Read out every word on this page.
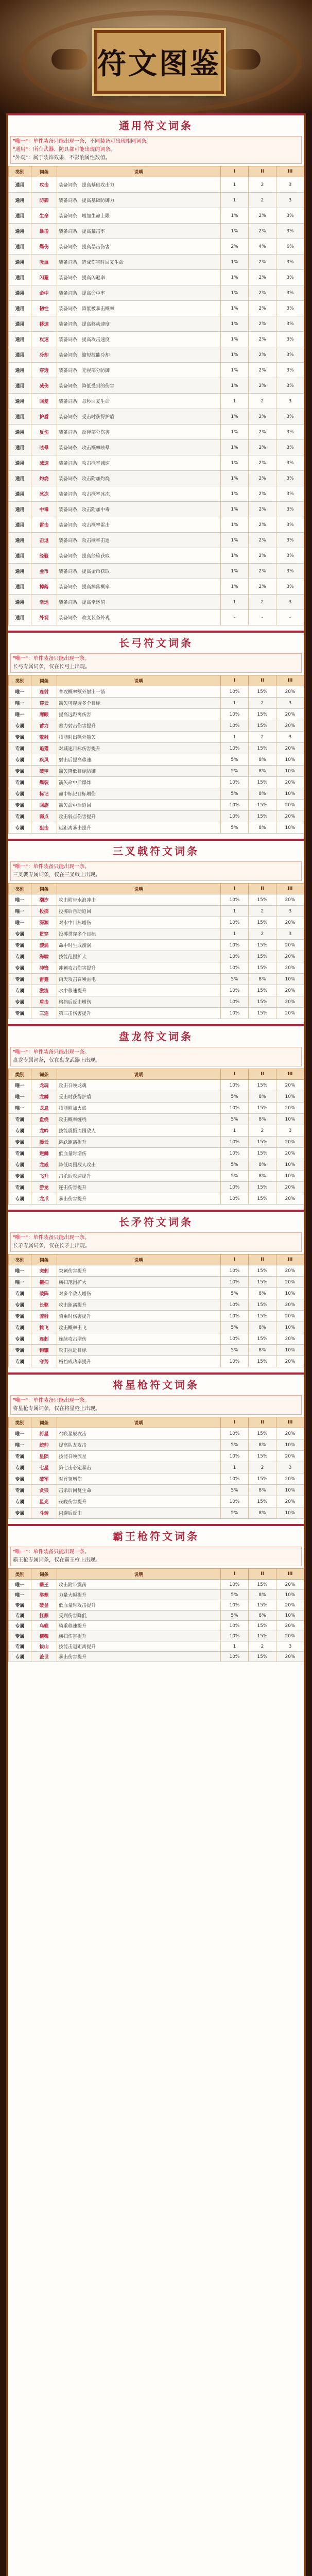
符文图鉴
通用符文词条
"唯一"：单件装备只能出现一条，不同装备可出现相同词条。
"通用"：所有武器、防具都可能出现的词条。
"外观"：属于装饰效果，不影响属性数值。
类别	词条	说明	I	II	III
通用	攻击	装备词条，提高基础攻击力	1	2	3
通用	防御	装备词条，提高基础防御力	1	2	3
通用	生命	装备词条，增加生命上限	1%	2%	3%
通用	暴击	装备词条，提高暴击率	1%	2%	3%
通用	爆伤	装备词条，提高暴击伤害	2%	4%	6%
通用	吸血	装备词条，造成伤害时回复生命	1%	2%	3%
通用	闪避	装备词条，提高闪避率	1%	2%	3%
通用	命中	装备词条，提高命中率	1%	2%	3%
通用	韧性	装备词条，降低被暴击概率	1%	2%	3%
通用	移速	装备词条，提高移动速度	1%	2%	3%
通用	攻速	装备词条，提高攻击速度	1%	2%	3%
通用	冷却	装备词条，缩短技能冷却	1%	2%	3%
通用	穿透	装备词条，无视部分防御	1%	2%	3%
通用	减伤	装备词条，降低受到的伤害	1%	2%	3%
通用	回复	装备词条，每秒回复生命	1	2	3
通用	护盾	装备词条，受击时获得护盾	1%	2%	3%
通用	反伤	装备词条，反弹部分伤害	1%	2%	3%
通用	眩晕	装备词条，攻击概率眩晕	1%	2%	3%
通用	减速	装备词条，攻击概率减速	1%	2%	3%
通用	灼烧	装备词条，攻击附加灼烧	1%	2%	3%
通用	冰冻	装备词条，攻击概率冰冻	1%	2%	3%
通用	中毒	装备词条，攻击附加中毒	1%	2%	3%
通用	雷击	装备词条，攻击概率雷击	1%	2%	3%
通用	击退	装备词条，攻击概率击退	1%	2%	3%
通用	经验	装备词条，提高经验获取	1%	2%	3%
通用	金币	装备词条，提高金币获取	1%	2%	3%
通用	掉落	装备词条，提高掉落概率	1%	2%	3%
通用	幸运	装备词条，提高幸运值	1	2	3
通用	外观	装备词条，改变装备外观	-	-	-
长弓符文词条
"唯一"：单件装备只能出现一条。
长弓专属词条，仅在长弓上出现。
类别	词条	说明	I	II	III
唯一	连射	普攻概率额外射出一箭	10%	15%	20%
唯一	穿云	箭矢可穿透多个目标	1	2	3
唯一	鹰眼	提高远距离伤害	10%	15%	20%
专属	蓄力	蓄力射击伤害提升	10%	15%	20%
专属	散射	技能射出额外箭矢	1	2	3
专属	追猎	对减速目标伤害提升	10%	15%	20%
专属	疾风	射击后提高移速	5%	8%	10%
专属	破甲	箭矢降低目标防御	5%	8%	10%
专属	爆裂	箭矢命中后爆炸	10%	15%	20%
专属	标记	命中标记目标增伤	5%	8%	10%
专属	回旋	箭矢命中后返回	10%	15%	20%
专属	弱点	攻击弱点伤害提升	10%	15%	20%
专属	狙击	远距离暴击提升	5%	8%	10%
三叉戟符文词条
"唯一"：单件装备只能出现一条。
三叉戟专属词条，仅在三叉戟上出现。
类别	词条	说明	I	II	III
唯一	潮汐	攻击附带水浪冲击	10%	15%	20%
唯一	投掷	投掷后自动返回	1	2	3
唯一	深渊	对水中目标增伤	10%	15%	20%
专属	贯穿	投掷贯穿多个目标	1	2	3
专属	漩涡	命中时生成漩涡	10%	15%	20%
专属	海啸	技能范围扩大	10%	15%	20%
专属	冲锋	冲刺攻击伤害提升	10%	15%	20%
专属	雷霆	雨天攻击召唤雷电	5%	8%	10%
专属	激流	水中移速提升	10%	15%	20%
专属	盾击	格挡后反击增伤	10%	15%	20%
专属	三连	第三击伤害提升	10%	15%	20%
盘龙符文词条
"唯一"：单件装备只能出现一条。
盘龙专属词条，仅在盘龙武器上出现。
类别	词条	说明	I	II	III
唯一	龙魂	攻击召唤龙魂	10%	15%	20%
唯一	龙鳞	受击时获得护盾	5%	8%	10%
唯一	龙息	技能附加火焰	10%	15%	20%
专属	盘绕	攻击概率缠绕	5%	8%	10%
专属	龙吟	技能震慑周围敌人	1	2	3
专属	腾云	跳跃距离提升	10%	15%	20%
专属	逆鳞	低血量时增伤	10%	15%	20%
专属	龙威	降低周围敌人攻击	5%	8%	10%
专属	飞升	击杀后攻速提升	5%	8%	10%
专属	游龙	连击伤害提升	10%	15%	20%
专属	龙爪	暴击伤害提升	10%	15%	20%
长矛符文词条
"唯一"：单件装备只能出现一条。
长矛专属词条，仅在长矛上出现。
类别	词条	说明	I	II	III
唯一	突刺	突刺伤害提升	10%	15%	20%
唯一	横扫	横扫范围扩大	10%	15%	20%
专属	破阵	对多个敌人增伤	5%	8%	10%
专属	长驱	攻击距离提升	10%	15%	20%
专属	骑射	骑乘时伤害提升	10%	15%	20%
专属	挑飞	攻击概率击飞	5%	8%	10%
专属	连刺	连续攻击增伤	10%	15%	20%
专属	钩镰	攻击拉近目标	5%	8%	10%
专属	守势	格挡成功率提升	10%	15%	20%
将星枪符文词条
"唯一"：单件装备只能出现一条。
将星枪专属词条，仅在将星枪上出现。
类别	词条	说明	I	II	III
唯一	将星	召唤星辰攻击	10%	15%	20%
唯一	统帅	提高队友攻击	5%	8%	10%
专属	星陨	技能召唤流星	10%	15%	20%
专属	七星	第七击必定暴击	1	2	3
专属	破军	对首领增伤	10%	15%	20%
专属	贪狼	击杀后回复生命	5%	8%	10%
专属	星光	夜晚伤害提升	10%	15%	20%
专属	斗转	闪避后反击	5%	8%	10%
霸王枪符文词条
"唯一"：单件装备只能出现一条。
霸王枪专属词条，仅在霸王枪上出现。
类别	词条	说明	I	II	III
唯一	霸王	攻击附带震荡	10%	15%	20%
唯一	举鼎	力量大幅提升	5%	8%	10%
专属	破釜	低血量时攻击提升	10%	15%	20%
专属	扛鼎	受到伤害降低	5%	8%	10%
专属	乌骓	骑乘移速提升	10%	15%	20%
专属	横槊	横扫伤害提升	10%	15%	20%
专属	拔山	技能击退距离提升	1	2	3
专属	盖世	暴击伤害提升	10%	15%	20%
